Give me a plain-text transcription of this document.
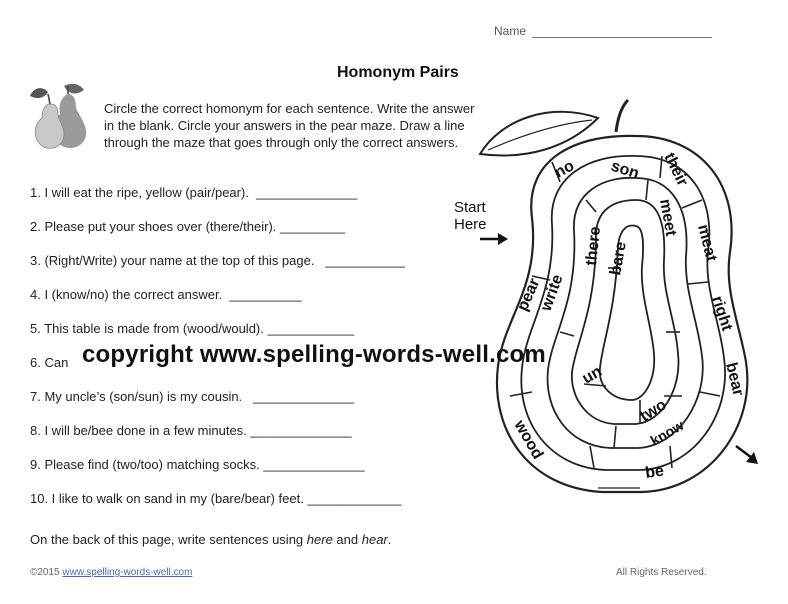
Name
Homonym Pairs
Circle the correct homonym for each sentence. Write the answer in the blank. Circle your answers in the pear maze. Draw a line through the maze that goes through only the correct answers.
1. I will eat the ripe, yellow (pair/pear).  ______________
2. Please put your shoes over (there/their). _________
3. (Right/Write) your name at the top of this page.   ___________
4. I (know/no) the correct answer.  __________
5. This table is made from (wood/would). ____________
6. Can
7. My uncle’s (son/sun) is my cousin.   ______________
8. I will be/bee done in a few minutes. ______________
9. Please find (two/too) matching socks. ______________
10. I like to walk on sand in my (bare/bear) feet. _____________
On the back of this page, write sentences using here and hear.
©2015 www.spelling-words-well.com	All Rights Reserved.
Start
Here
no son their
pear
write
there bare
meet
meat
right
bear
un
two
know
be
wood
copyright www.spelling-words-well.com
